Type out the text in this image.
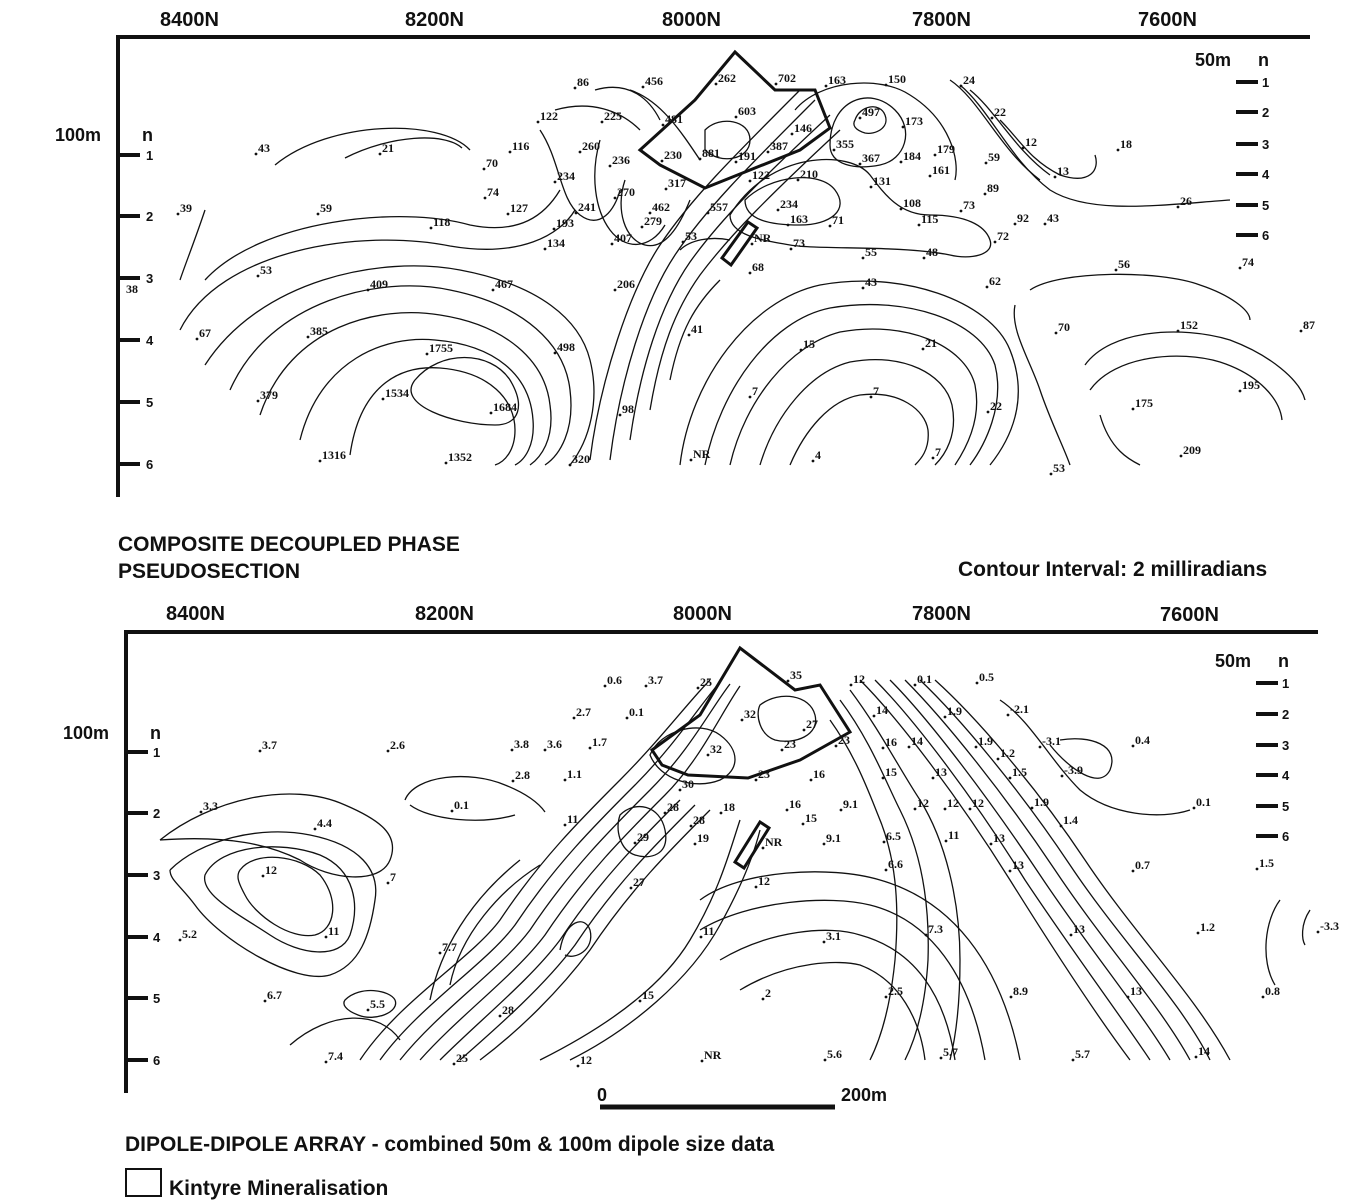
8400N	8200N	8000N	7800N	7600N
100m n
1
2
3
4
5
6
38
50m n
1
2
3
4
5
6
86	456	262	702	163	150	24
122	225	481
603
146
497
173
22
43	21	116
70
260
236	230 881 191
387	355
367 184 179	12	18
59
234	122	210	131
161	13
74	270
317	89
39	59	127	241	462	557	234	108	73	26
118	193	279	163 71	115	92 43
134	407	53	NR 73
55	48
72
53	68	56	74
409	467	206	43	62
67	385	41	70	152	87
1755	498	15	21
379	1534
1684
7	7
22	175
195
98
1316	1352	320	NR	4	7	209
53
COMPOSITE DECOUPLED PHASE
PSEUDOSECTION	Contour Interval: 2 milliradians
8400N	8200N	8000N	7800N	7600N
100m n
1
2
3
4
5
6
50m n
1
2
3
4
5
6
0.6 3.7	25	35	12	0.1	0.5
2.7	0.1	32	14	1.9	-2.1
3.7	2.6	3.8 3.6	1.7	32	23
27
23	16 14	1.9
1.2
-3.1	0.4
2.8	1.1
30
23	16	15	13	1.5	-3.9
3.3	0.1	28	18	16	9.1	12 12 12	1.9	0.1
4.4	11	28	15	1.4
29	19	NR	9.1	6.5	11	13
12	7	27	12
6.6	13	0.7	1.5
5.2	11
7.7
11	3.1	7.3	13	1.2	-3.3
6.7
5.5	28
15	2	2.5	8.9	13	0.8
7.4	25	12	NR	5.6	5.7	5.7	14
0	200m
DIPOLE-DIPOLE ARRAY - combined 50m & 100m dipole size data
Kintyre Mineralisation
